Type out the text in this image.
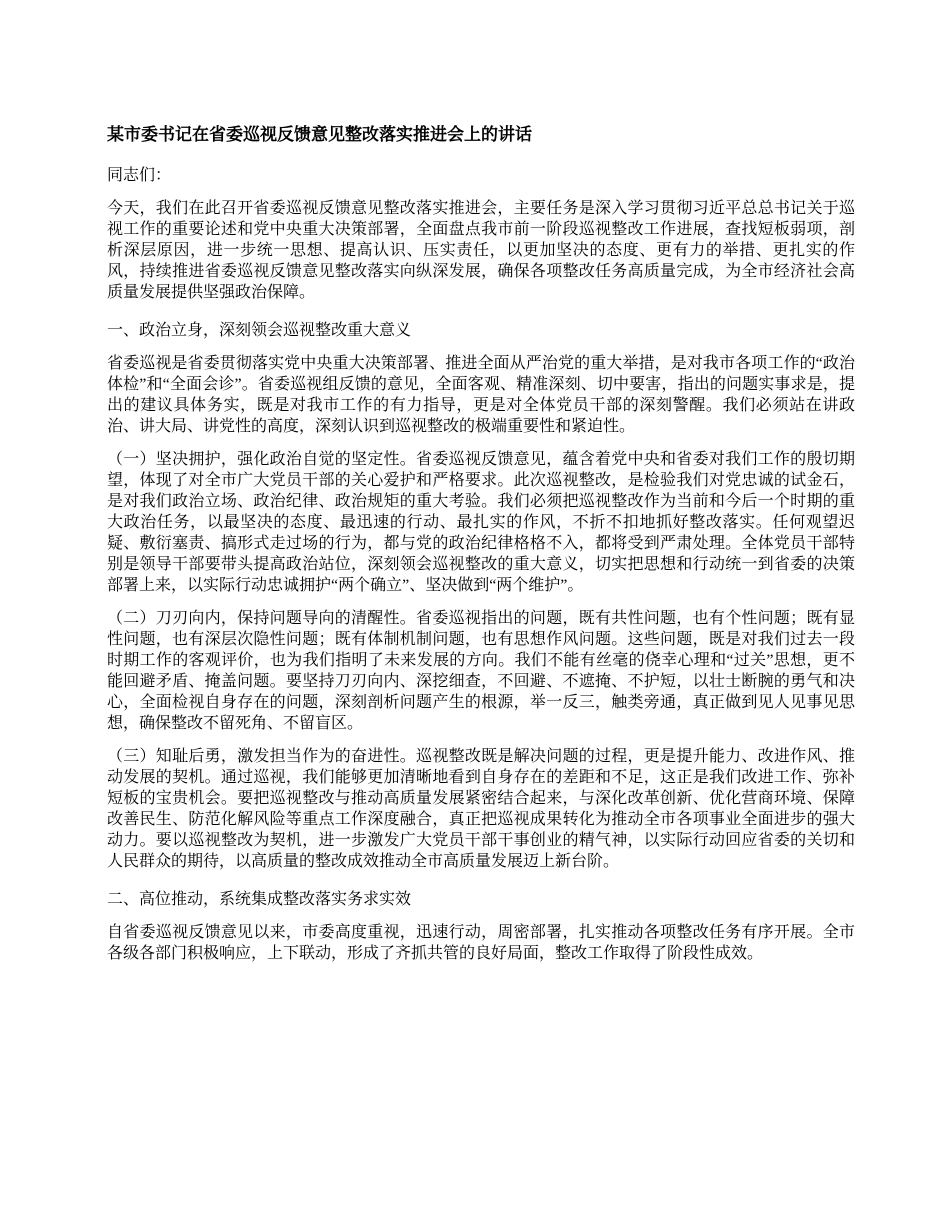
某市委书记在省委巡视反馈意见整改落实推进会上的讲话

同志们：

今天，我们在此召开省委巡视反馈意见整改落实推进会，主要任务是深入学习贯彻习近平总总书记关于巡视工作的重要论述和党中央重大决策部署，全面盘点我市前一阶段巡视整改工作进展，查找短板弱项，剖析深层原因，进一步统一思想、提高认识、压实责任，以更加坚决的态度、更有力的举措、更扎实的作风，持续推进省委巡视反馈意见整改落实向纵深发展，确保各项整改任务高质量完成，为全市经济社会高质量发展提供坚强政治保障。

一、政治立身，深刻领会巡视整改重大意义

省委巡视是省委贯彻落实党中央重大决策部署、推进全面从严治党的重大举措，是对我市各项工作的“政治体检”和“全面会诊”。省委巡视组反馈的意见，全面客观、精准深刻、切中要害，指出的问题实事求是，提出的建议具体务实，既是对我市工作的有力指导，更是对全体党员干部的深刻警醒。我们必须站在讲政治、讲大局、讲党性的高度，深刻认识到巡视整改的极端重要性和紧迫性。

（一）坚决拥护，强化政治自觉的坚定性。省委巡视反馈意见，蕴含着党中央和省委对我们工作的殷切期望，体现了对全市广大党员干部的关心爱护和严格要求。此次巡视整改，是检验我们对党忠诚的试金石，是对我们政治立场、政治纪律、政治规矩的重大考验。我们必须把巡视整改作为当前和今后一个时期的重大政治任务，以最坚决的态度、最迅速的行动、最扎实的作风，不折不扣地抓好整改落实。任何观望迟疑、敷衍塞责、搞形式走过场的行为，都与党的政治纪律格格不入，都将受到严肃处理。全体党员干部特别是领导干部要带头提高政治站位，深刻领会巡视整改的重大意义，切实把思想和行动统一到省委的决策部署上来，以实际行动忠诚拥护“两个确立”、坚决做到“两个维护”。

（二）刀刃向内，保持问题导向的清醒性。省委巡视指出的问题，既有共性问题，也有个性问题；既有显性问题，也有深层次隐性问题；既有体制机制问题，也有思想作风问题。这些问题，既是对我们过去一段时期工作的客观评价，也为我们指明了未来发展的方向。我们不能有丝毫的侥幸心理和“过关”思想，更不能回避矛盾、掩盖问题。要坚持刀刃向内、深挖细查，不回避、不遮掩、不护短，以壮士断腕的勇气和决心，全面检视自身存在的问题，深刻剖析问题产生的根源，举一反三，触类旁通，真正做到见人见事见思想，确保整改不留死角、不留盲区。

（三）知耻后勇，激发担当作为的奋进性。巡视整改既是解决问题的过程，更是提升能力、改进作风、推动发展的契机。通过巡视，我们能够更加清晰地看到自身存在的差距和不足，这正是我们改进工作、弥补短板的宝贵机会。要把巡视整改与推动高质量发展紧密结合起来，与深化改革创新、优化营商环境、保障改善民生、防范化解风险等重点工作深度融合，真正把巡视成果转化为推动全市各项事业全面进步的强大动力。要以巡视整改为契机，进一步激发广大党员干部干事创业的精气神，以实际行动回应省委的关切和人民群众的期待，以高质量的整改成效推动全市高质量发展迈上新台阶。

二、高位推动，系统集成整改落实务求实效

自省委巡视反馈意见以来，市委高度重视，迅速行动，周密部署，扎实推动各项整改任务有序开展。全市各级各部门积极响应，上下联动，形成了齐抓共管的良好局面，整改工作取得了阶段性成效。
